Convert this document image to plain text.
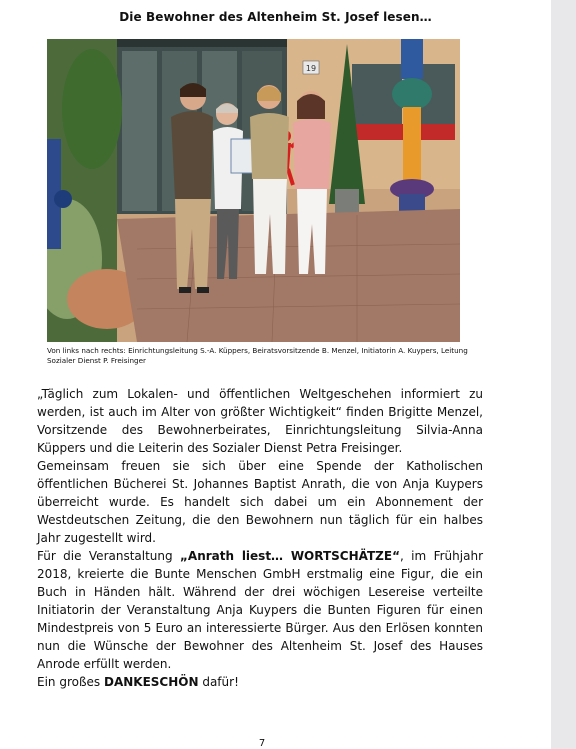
Die Bewohner des Altenheim St. Josef lesen…
19
Von links nach rechts: Einrichtungsleitung S.-A. Küppers, Beiratsvorsitzende B. Menzel, Initiatorin A. Kuypers, Leitung Sozialer Dienst P. Freisinger

„Täglich zum Lokalen- und öffentlichen Weltgeschehen informiert zu werden, ist auch im Alter von größter Wichtigkeit“ finden Brigitte Menzel, Vorsitzende des Bewohnerbeirates, Einrichtungsleitung Silvia-Anna Küppers und die Leiterin des Sozialer Dienst Petra Freisinger.

Gemeinsam freuen sie sich über eine Spende der Katholischen öffentlichen Bücherei St. Johannes Baptist Anrath, die von Anja Kuypers überreicht wurde. Es handelt sich dabei um ein Abonnement der Westdeutschen Zeitung, die den Bewohnern nun täglich für ein halbes Jahr zugestellt wird.

Für die Veranstaltung „Anrath liest… WORTSCHÄTZE“, im Frühjahr 2018, kreierte die Bunte Menschen GmbH erstmalig eine Figur, die ein Buch in Händen hält. Während der drei wöchigen Lesereise verteilte Initiatorin der Veranstaltung Anja Kuypers die Bunten Figuren für einen Mindestpreis von 5 Euro an interessierte Bürger. Aus den Erlösen konnten nun die Wünsche der Bewohner des Altenheim St. Josef des Hauses Anrode erfüllt werden.

Ein großes DANKESCHÖN dafür!

7
